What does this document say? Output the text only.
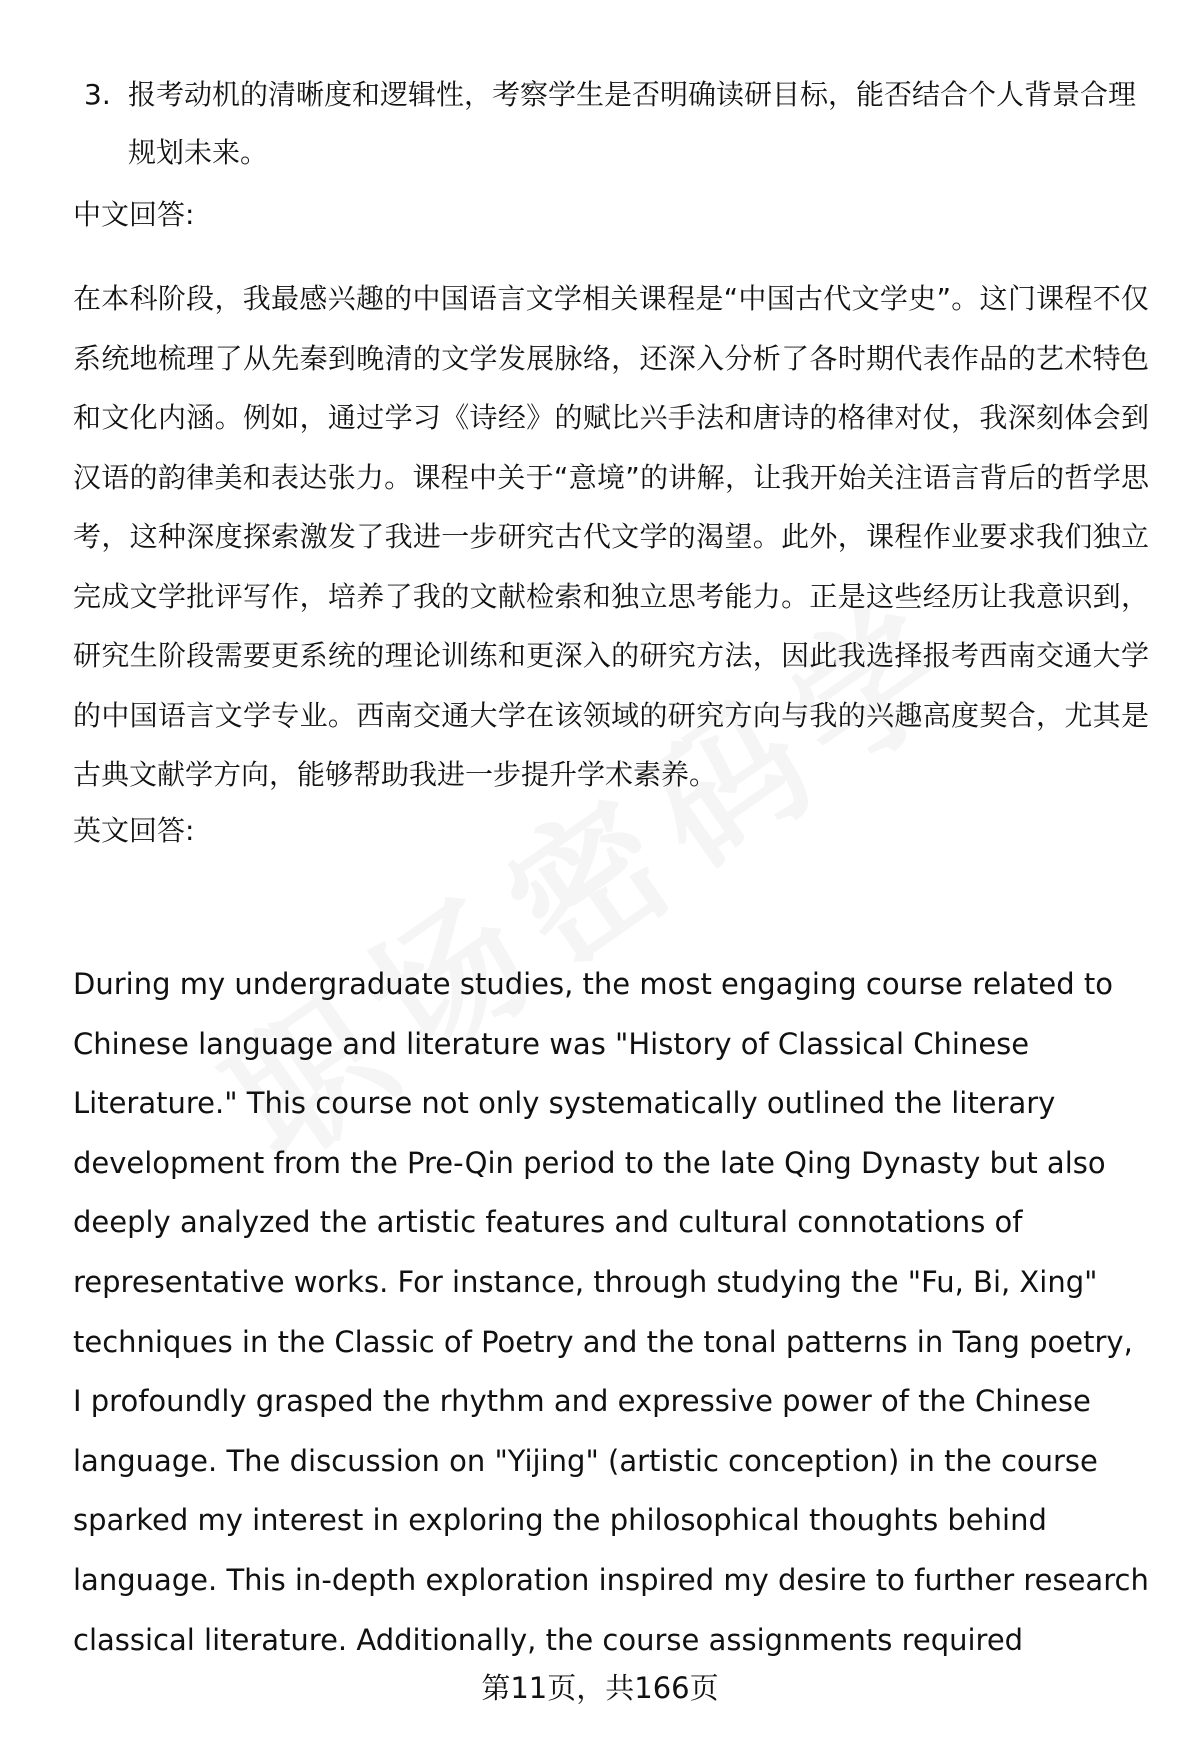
3. 报考动机的清晰度和逻辑性，考察学生是否明确读研目标，能否结合个人背景合理规划未来。
中文回答:
在本科阶段，我最感兴趣的中国语言文学相关课程是“中国古代文学史”。这门课程不仅系统地梳理了从先秦到晚清的文学发展脉络，还深入分析了各时期代表作品的艺术特色和文化内涵。例如，通过学习《诗经》的赋比兴手法和唐诗的格律对仗，我深刻体会到汉语的韵律美和表达张力。课程中关于“意境”的讲解，让我开始关注语言背后的哲学思考，这种深度探索激发了我进一步研究古代文学的渴望。此外，课程作业要求我们独立完成文学批评写作，培养了我的文献检索和独立思考能力。正是这些经历让我意识到，研究生阶段需要更系统的理论训练和更深入的研究方法，因此我选择报考西南交通大学的中国语言文学专业。西南交通大学在该领域的研究方向与我的兴趣高度契合，尤其是古典文献学方向，能够帮助我进一步提升学术素养。
英文回答:
During my undergraduate studies, the most engaging course related to Chinese language and literature was "History of Classical Chinese Literature." This course not only systematically outlined the literary development from the Pre-Qin period to the late Qing Dynasty but also deeply analyzed the artistic features and cultural connotations of representative works. For instance, through studying the "Fu, Bi, Xing" techniques in the Classic of Poetry and the tonal patterns in Tang poetry, I profoundly grasped the rhythm and expressive power of the Chinese language. The discussion on "Yijing" (artistic conception) in the course sparked my interest in exploring the philosophical thoughts behind language. This in-depth exploration inspired my desire to further research classical literature. Additionally, the course assignments required
第11页，共166页
